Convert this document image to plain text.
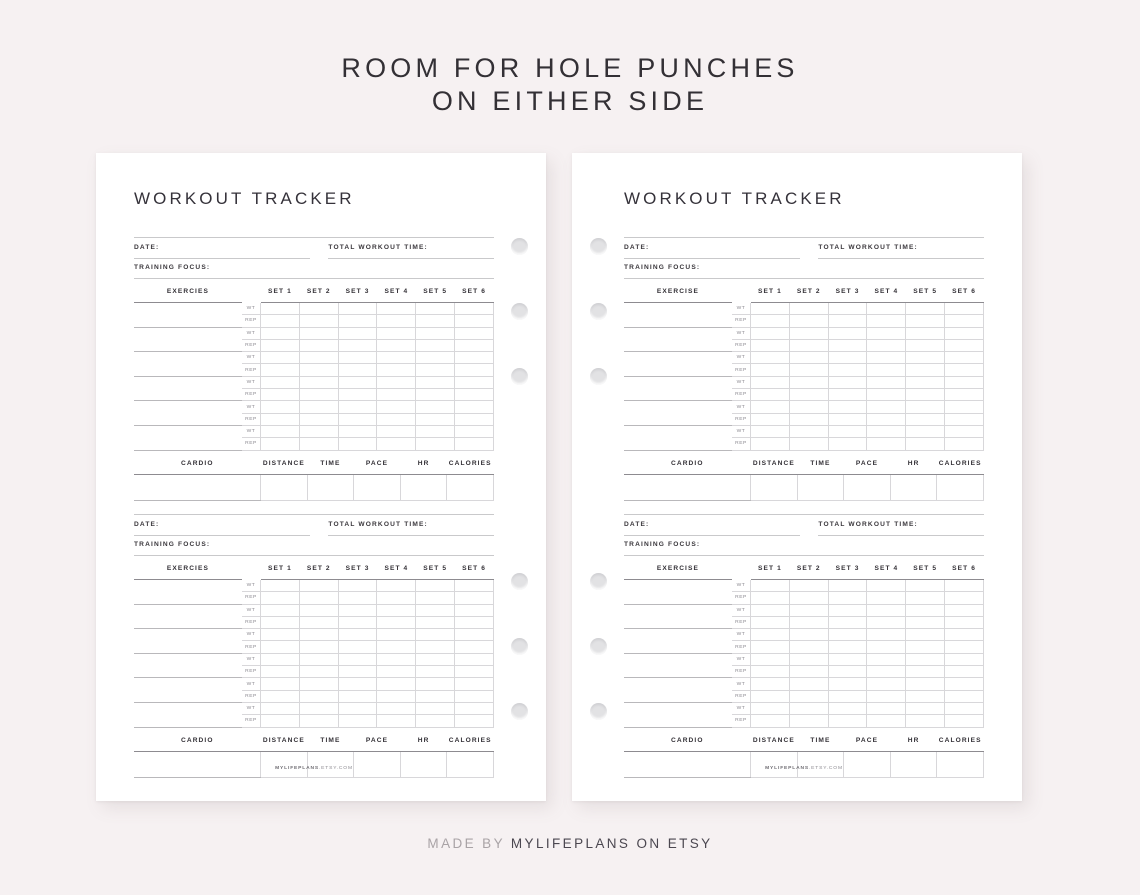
ROOM FOR HOLE PUNCHES
ON EITHER SIDE
WORKOUT TRACKER
DATE:	TOTAL WORKOUT TIME:
TRAINING FOCUS:
EXERCIES		SET 1	SET 2	SET 3	SET 4	SET 5	SET 6
	WT						
	REP						
	WT						
	REP						
	WT						
	REP						
	WT						
	REP						
	WT						
	REP						
	WT						
	REP						
CARDIO	DISTANCE	TIME	PACE	HR	CALORIES

DATE:	TOTAL WORKOUT TIME:
TRAINING FOCUS:
EXERCIES		SET 1	SET 2	SET 3	SET 4	SET 5	SET 6
	WT						
	REP						
	WT						
	REP						
	WT						
	REP						
	WT						
	REP						
	WT						
	REP						
	WT						
	REP						
CARDIO	DISTANCE	TIME	PACE	HR	CALORIES

MYLIFEPLANS.ETSY.COM
WORKOUT TRACKER
DATE:	TOTAL WORKOUT TIME:
TRAINING FOCUS:
EXERCISE		SET 1	SET 2	SET 3	SET 4	SET 5	SET 6
	WT						
	REP						
	WT						
	REP						
	WT						
	REP						
	WT						
	REP						
	WT						
	REP						
	WT						
	REP						
CARDIO	DISTANCE	TIME	PACE	HR	CALORIES

DATE:	TOTAL WORKOUT TIME:
TRAINING FOCUS:
EXERCISE		SET 1	SET 2	SET 3	SET 4	SET 5	SET 6
	WT						
	REP						
	WT						
	REP						
	WT						
	REP						
	WT						
	REP						
	WT						
	REP						
	WT						
	REP						
CARDIO	DISTANCE	TIME	PACE	HR	CALORIES

MYLIFEPLANS.ETSY.COM
MADE BY MYLIFEPLANS ON ETSY
